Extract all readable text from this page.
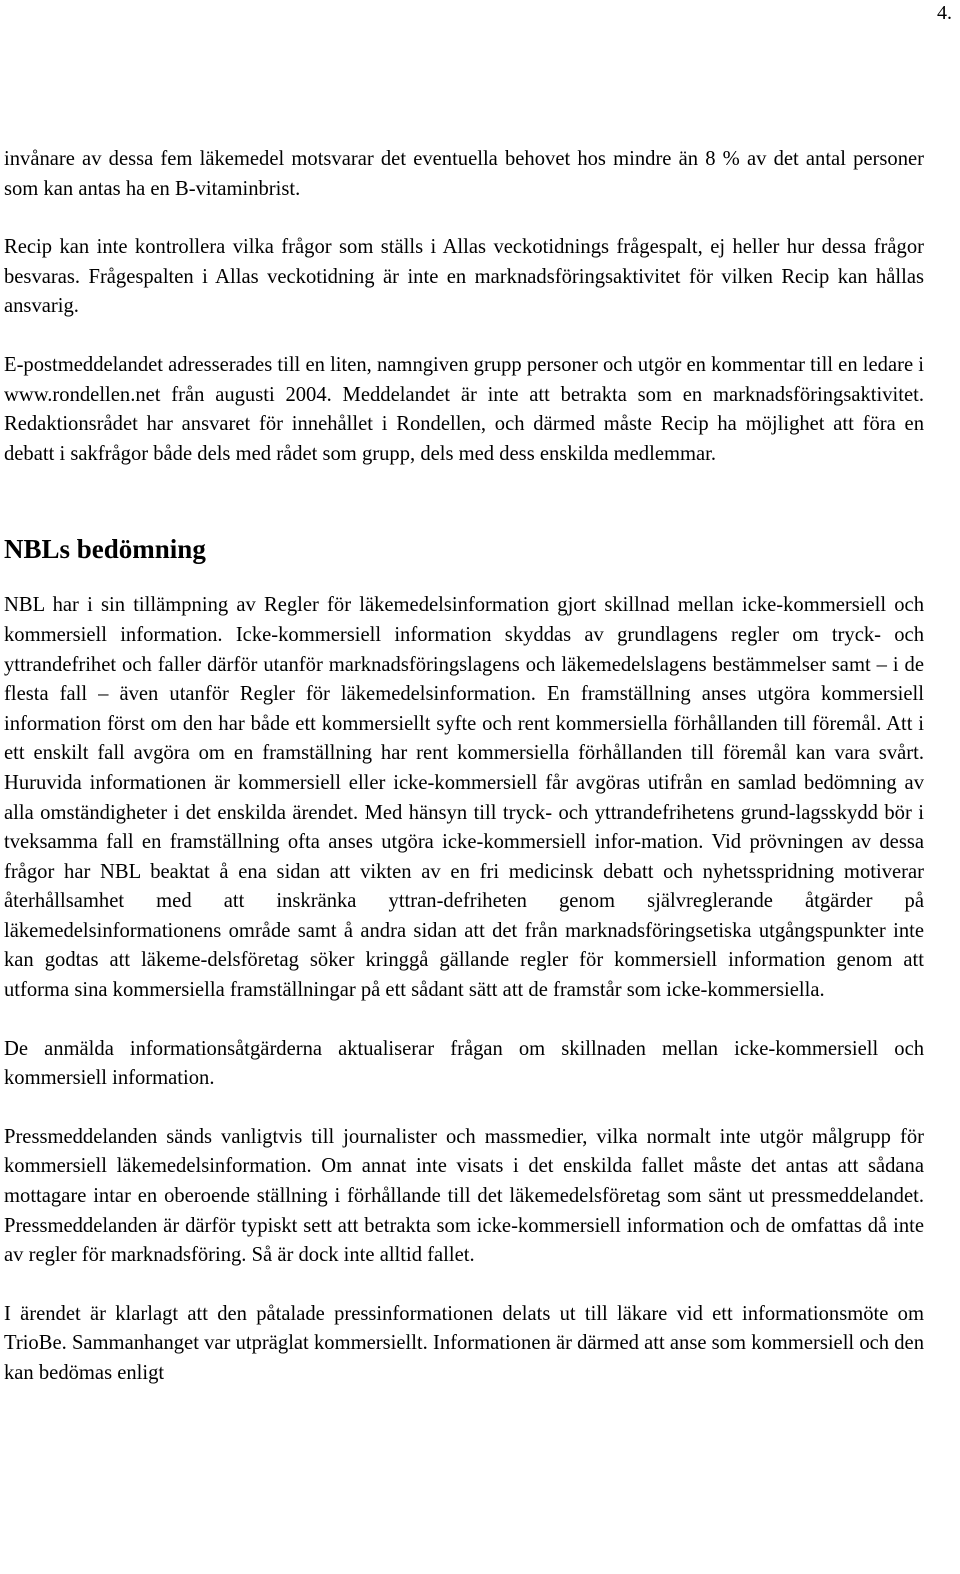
4.

invånare av dessa fem läkemedel motsvarar det eventuella behovet hos mindre än 8 % av det antal personer som kan antas ha en B-vitaminbrist.

Recip kan inte kontrollera vilka frågor som ställs i Allas veckotidnings frågespalt, ej heller hur dessa frågor besvaras. Frågespalten i Allas veckotidning är inte en marknadsföringsaktivitet för vilken Recip kan hållas ansvarig.

E-postmeddelandet adresserades till en liten, namngiven grupp personer och utgör en kommentar till en ledare i www.rondellen.net från augusti 2004. Meddelandet är inte att betrakta som en marknadsföringsaktivitet. Redaktionsrådet har ansvaret för innehållet i Rondellen, och därmed måste Recip ha möjlighet att föra en debatt i sakfrågor både dels med rådet som grupp, dels med dess enskilda medlemmar.

NBLs bedömning

NBL har i sin tillämpning av Regler för läkemedelsinformation gjort skillnad mellan icke-kommersiell och kommersiell information. Icke-kommersiell information skyddas av grundlagens regler om tryck- och yttrandefrihet och faller därför utanför marknadsföringslagens och läkemedelslagens bestämmelser samt – i de flesta fall – även utanför Regler för läkemedelsinformation. En framställning anses utgöra kommersiell information först om den har både ett kommersiellt syfte och rent kommersiella förhållanden till föremål. Att i ett enskilt fall avgöra om en framställning har rent kommersiella förhållanden till föremål kan vara svårt. Huruvida informationen är kommersiell eller icke-kommersiell får avgöras utifrån en samlad bedömning av alla omständigheter i det enskilda ärendet. Med hänsyn till tryck- och yttrandefrihetens grund-lagsskydd bör i tveksamma fall en framställning ofta anses utgöra icke-kommersiell infor-mation. Vid prövningen av dessa frågor har NBL beaktat å ena sidan att vikten av en fri medicinsk debatt och nyhetsspridning motiverar återhållsamhet med att inskränka yttran-defriheten genom självreglerande åtgärder på läkemedelsinformationens område samt å andra sidan att det från marknadsföringsetiska utgångspunkter inte kan godtas att läkeme-delsföretag söker kringgå gällande regler för kommersiell information genom att utforma sina kommersiella framställningar på ett sådant sätt att de framstår som icke-kommersiella.

De anmälda informationsåtgärderna aktualiserar frågan om skillnaden mellan icke-kommersiell och kommersiell information.

Pressmeddelanden sänds vanligtvis till journalister och massmedier, vilka normalt inte utgör målgrupp för kommersiell läkemedelsinformation. Om annat inte visats i det enskilda fallet måste det antas att sådana mottagare intar en oberoende ställning i förhållande till det läkemedelsföretag som sänt ut pressmeddelandet. Pressmeddelanden är därför typiskt sett att betrakta som icke-kommersiell information och de omfattas då inte av regler för marknadsföring. Så är dock inte alltid fallet.

I ärendet är klarlagt att den påtalade pressinformationen delats ut till läkare vid ett informationsmöte om TrioBe. Sammanhanget var utpräglat kommersiellt. Informationen är därmed att anse som kommersiell och den kan bedömas enligt
